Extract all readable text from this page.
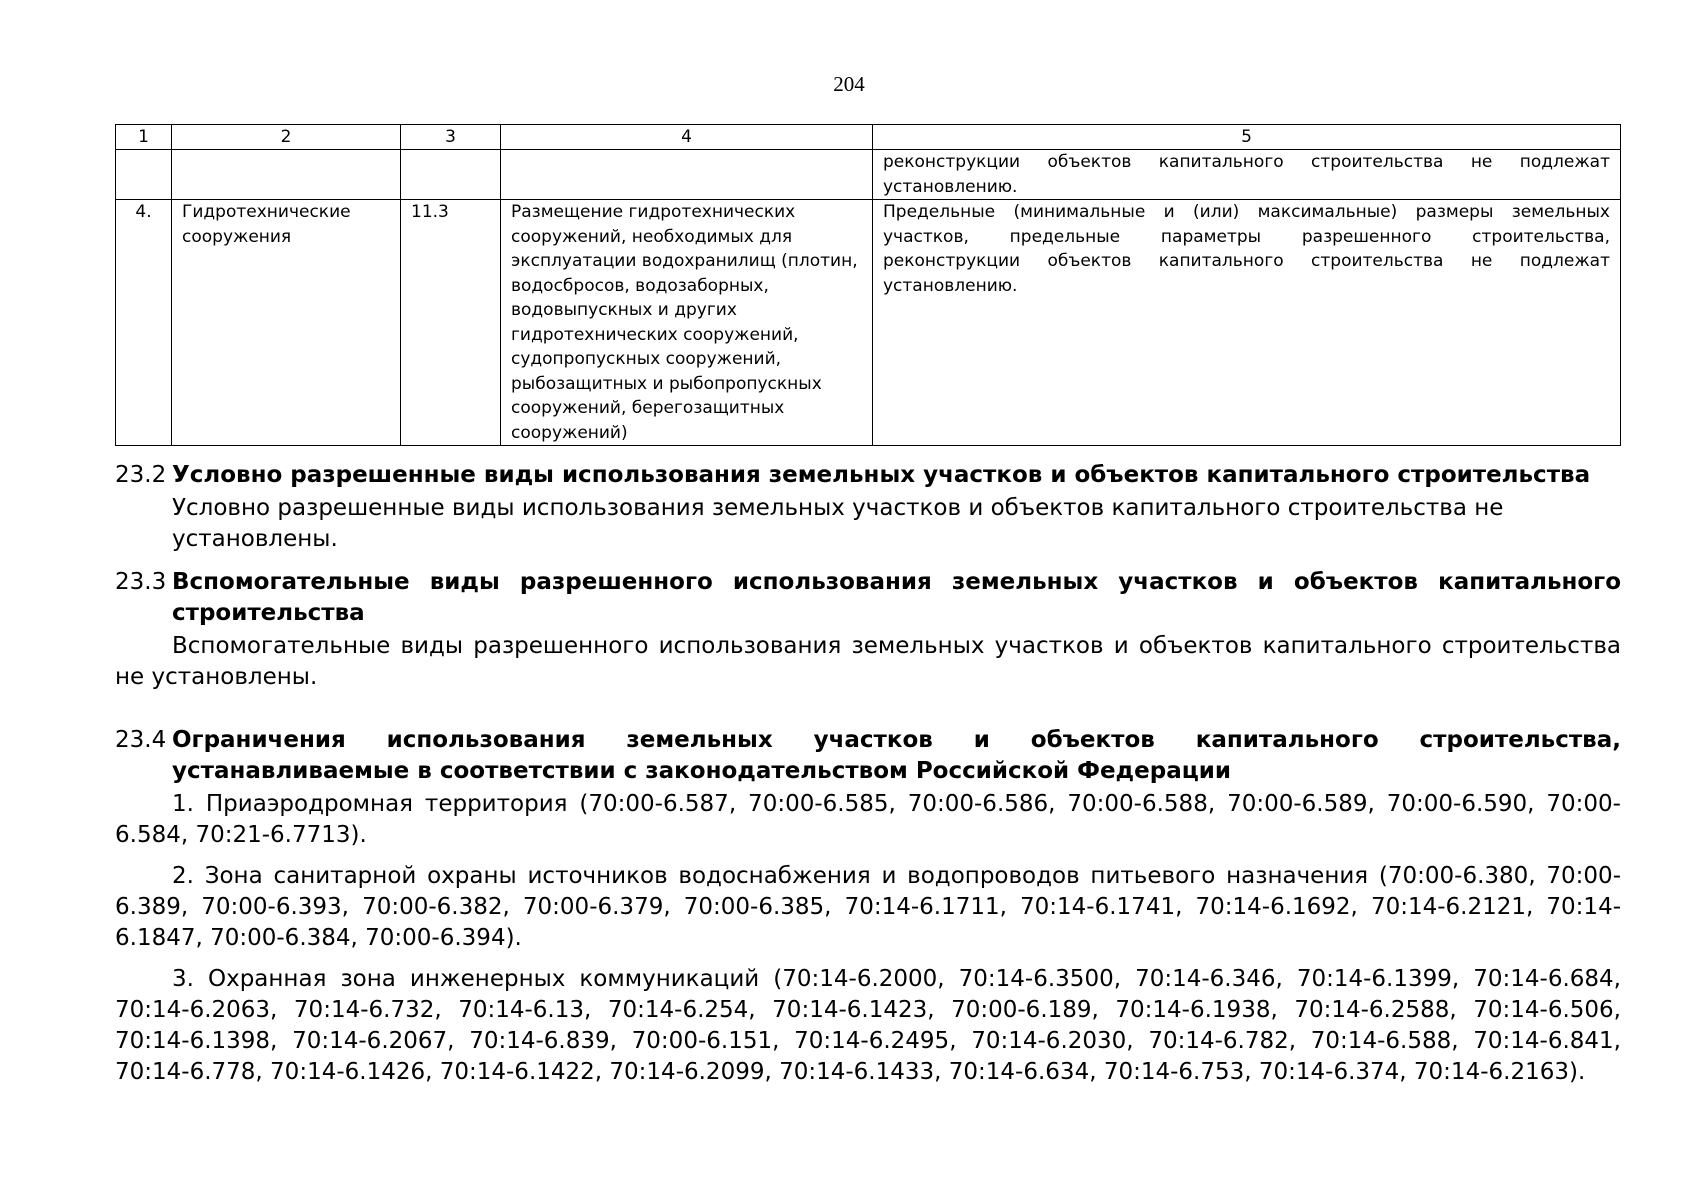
204
1	2	3	4	5
				реконструкции объектов капитального строительства не подлежат установлению.
4.	Гидротехнические сооружения	11.3	Размещение гидротехнических сооружений, необходимых для эксплуатации водохранилищ (плотин, водосбросов, водозаборных, водовыпускных и других гидротехнических сооружений, судопропускных сооружений, рыбозащитных и рыбопропускных сооружений, берегозащитных сооружений)	Предельные (минимальные и (или) максимальные) размеры земельных участков, предельные параметры разрешенного строительства, реконструкции объектов капитального строительства не подлежат установлению.
23.2 Условно разрешенные виды использования земельных участков и объектов капитального строительства

Условно разрешенные виды использования земельных участков и объектов капитального строительства не установлены.

23.3 Вспомогательные виды разрешенного использования земельных участков и объектов капитального строительства

Вспомогательные виды разрешенного использования земельных участков и объектов капитального строительства не установлены.

23.4 Ограничения использования земельных участков и объектов капитального строительства, устанавливаемые в соответствии с законодательством Российской Федерации

1. Приаэродромная территория (70:00-6.587, 70:00-6.585, 70:00-6.586, 70:00-6.588, 70:00-6.589, 70:00-6.590, 70:00-6.584, 70:21-6.7713).

2. Зона санитарной охраны источников водоснабжения и водопроводов питьевого назначения (70:00-6.380, 70:00-6.389, 70:00-6.393, 70:00-6.382, 70:00-6.379, 70:00-6.385, 70:14-6.1711, 70:14-6.1741, 70:14-6.1692, 70:14-6.2121, 70:14-6.1847, 70:00-6.384, 70:00-6.394).

3. Охранная зона инженерных коммуникаций (70:14-6.2000, 70:14-6.3500, 70:14-6.346, 70:14-6.1399, 70:14-6.684, 70:14-6.2063, 70:14-6.732, 70:14-6.13, 70:14-6.254, 70:14-6.1423, 70:00-6.189, 70:14-6.1938, 70:14-6.2588, 70:14-6.506, 70:14-6.1398, 70:14-6.2067, 70:14-6.839, 70:00-6.151, 70:14-6.2495, 70:14-6.2030, 70:14-6.782, 70:14-6.588, 70:14-6.841, 70:14-6.778, 70:14-6.1426, 70:14-6.1422, 70:14-6.2099, 70:14-6.1433, 70:14-6.634, 70:14-6.753, 70:14-6.374, 70:14-6.2163).
